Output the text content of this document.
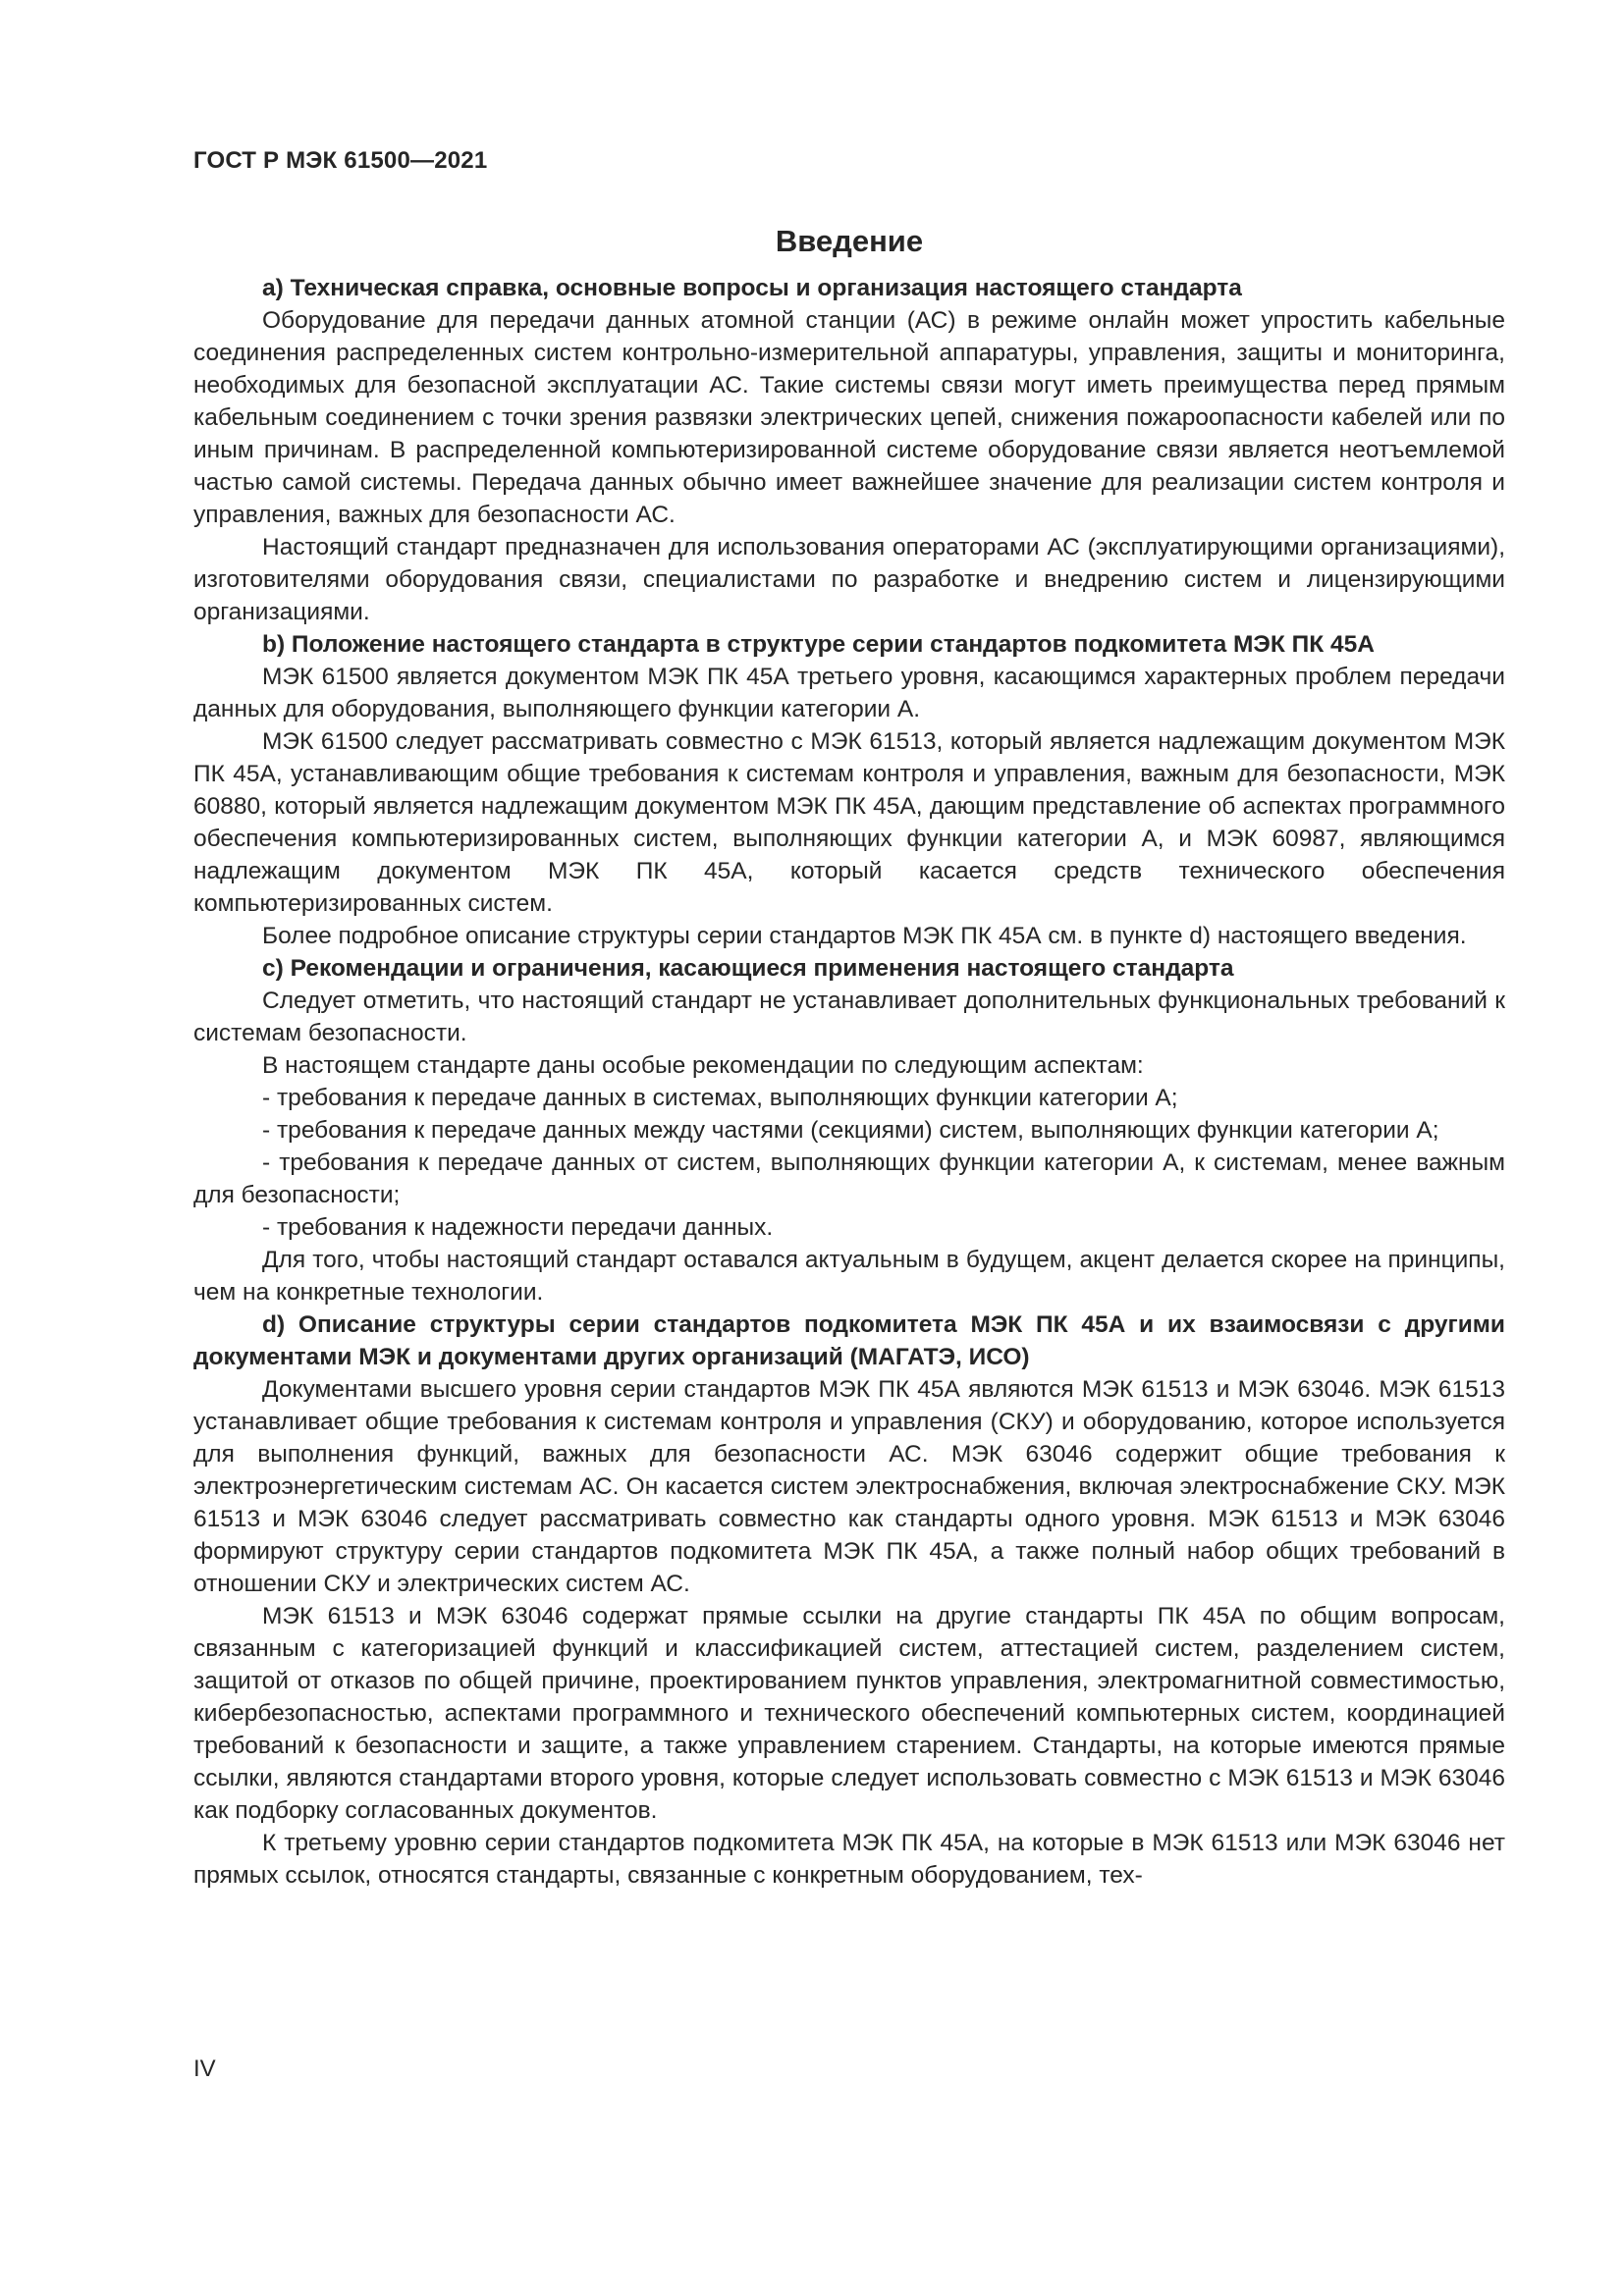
ГОСТ Р МЭК 61500—2021
Введение

a) Техническая справка, основные вопросы и организация настоящего стандарта

Оборудование для передачи данных атомной станции (АС) в режиме онлайн может упростить кабельные соединения распределенных систем контрольно-измерительной аппаратуры, управления, защиты и мониторинга, необходимых для безопасной эксплуатации АС. Такие системы связи могут иметь преимущества перед прямым кабельным соединением с точки зрения развязки электрических цепей, снижения пожароопасности кабелей или по иным причинам. В распределенной компьютеризированной системе оборудование связи является неотъемлемой частью самой системы. Передача данных обычно имеет важнейшее значение для реализации систем контроля и управления, важных для безопасности АС.

Настоящий стандарт предназначен для использования операторами АС (эксплуатирующими организациями), изготовителями оборудования связи, специалистами по разработке и внедрению систем и лицензирующими организациями.

b) Положение настоящего стандарта в структуре серии стандартов подкомитета МЭК ПК 45А

МЭК 61500 является документом МЭК ПК 45А третьего уровня, касающимся характерных проблем передачи данных для оборудования, выполняющего функции категории А.

МЭК 61500 следует рассматривать совместно с МЭК 61513, который является надлежащим документом МЭК ПК 45А, устанавливающим общие требования к системам контроля и управления, важным для безопасности, МЭК 60880, который является надлежащим документом МЭК ПК 45А, дающим представление об аспектах программного обеспечения компьютеризированных систем, выполняющих функции категории А, и МЭК 60987, являющимся надлежащим документом МЭК ПК 45А, который касается средств технического обеспечения компьютеризированных систем.

Более подробное описание структуры серии стандартов МЭК ПК 45А см. в пункте d) настоящего введения.

c) Рекомендации и ограничения, касающиеся применения настоящего стандарта

Следует отметить, что настоящий стандарт не устанавливает дополнительных функциональных требований к системам безопасности.

В настоящем стандарте даны особые рекомендации по следующим аспектам:

- требования к передаче данных в системах, выполняющих функции категории А;

- требования к передаче данных между частями (секциями) систем, выполняющих функции категории А;

- требования к передаче данных от систем, выполняющих функции категории А, к системам, менее важным для безопасности;

- требования к надежности передачи данных.

Для того, чтобы настоящий стандарт оставался актуальным в будущем, акцент делается скорее на принципы, чем на конкретные технологии.

d) Описание структуры серии стандартов подкомитета МЭК ПК 45А и их взаимосвязи с другими документами МЭК и документами других организаций (МАГАТЭ, ИСО)

Документами высшего уровня серии стандартов МЭК ПК 45А являются МЭК 61513 и МЭК 63046. МЭК 61513 устанавливает общие требования к системам контроля и управления (СКУ) и оборудованию, которое используется для выполнения функций, важных для безопасности АС. МЭК 63046 содержит общие требования к электроэнергетическим системам АС. Он касается систем электроснабжения, включая электроснабжение СКУ. МЭК 61513 и МЭК 63046 следует рассматривать совместно как стандарты одного уровня. МЭК 61513 и МЭК 63046 формируют структуру серии стандартов подкомитета МЭК ПК 45А, а также полный набор общих требований в отношении СКУ и электрических систем АС.

МЭК 61513 и МЭК 63046 содержат прямые ссылки на другие стандарты ПК 45А по общим вопросам, связанным с категоризацией функций и классификацией систем, аттестацией систем, разделением систем, защитой от отказов по общей причине, проектированием пунктов управления, электромагнитной совместимостью, кибербезопасностью, аспектами программного и технического обеспечений компьютерных систем, координацией требований к безопасности и защите, а также управлением старением. Стандарты, на которые имеются прямые ссылки, являются стандартами второго уровня, которые следует использовать совместно с МЭК 61513 и МЭК 63046 как подборку согласованных документов.

К третьему уровню серии стандартов подкомитета МЭК ПК 45А, на которые в МЭК 61513 или МЭК 63046 нет прямых ссылок, относятся стандарты, связанные с конкретным оборудованием, тех-

IV
